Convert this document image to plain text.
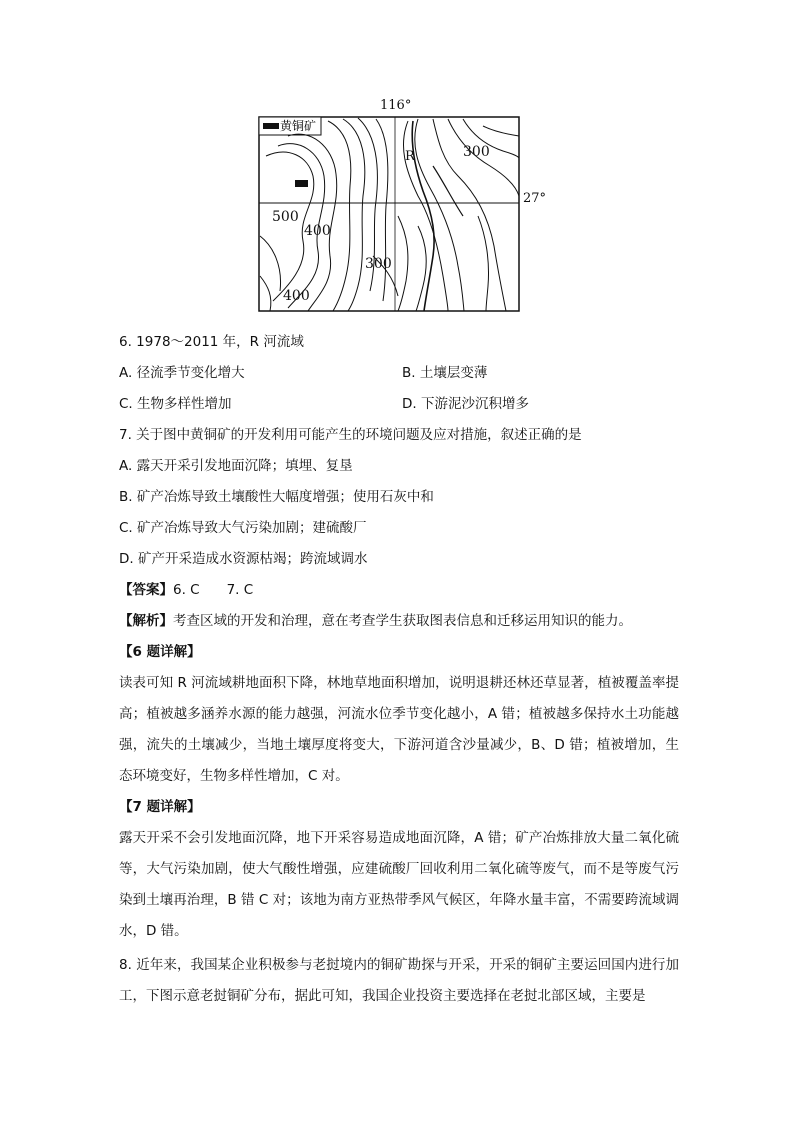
116°
27°
黄铜矿
R	300
500
400
300
400
6. 1978～2011 年，R 河流域
A. 径流季节变化增大	B. 土壤层变薄
C. 生物多样性增加	D. 下游泥沙沉积增多
7. 关于图中黄铜矿的开发利用可能产生的环境问题及应对措施，叙述正确的是
A. 露天开采引发地面沉降；填埋、复垦
B. 矿产冶炼导致土壤酸性大幅度增强；使用石灰中和
C. 矿产冶炼导致大气污染加剧；建硫酸厂
D. 矿产开采造成水资源枯竭；跨流域调水
【答案】6. C　　7. C
【解析】考查区域的开发和治理，意在考查学生获取图表信息和迁移运用知识的能力。
【6 题详解】
读表可知 R 河流域耕地面积下降，林地草地面积增加，说明退耕还林还草显著，植被覆盖率提高；植被越多涵养水源的能力越强，河流水位季节变化越小，A 错；植被越多保持水土功能越强，流失的土壤减少，当地土壤厚度将变大，下游河道含沙量减少，B、D 错；植被增加，生态环境变好，生物多样性增加，C 对。
【7 题详解】
露天开采不会引发地面沉降，地下开采容易造成地面沉降，A 错；矿产冶炼排放大量二氧化硫等，大气污染加剧，使大气酸性增强，应建硫酸厂回收利用二氧化硫等废气，而不是等废气污染到土壤再治理，B 错 C 对；该地为南方亚热带季风气候区，年降水量丰富，不需要跨流域调水，D 错。
8. 近年来，我国某企业积极参与老挝境内的铜矿勘探与开采，开采的铜矿主要运回国内进行加工，下图示意老挝铜矿分布，据此可知，我国企业投资主要选择在老挝北部区域，主要是
